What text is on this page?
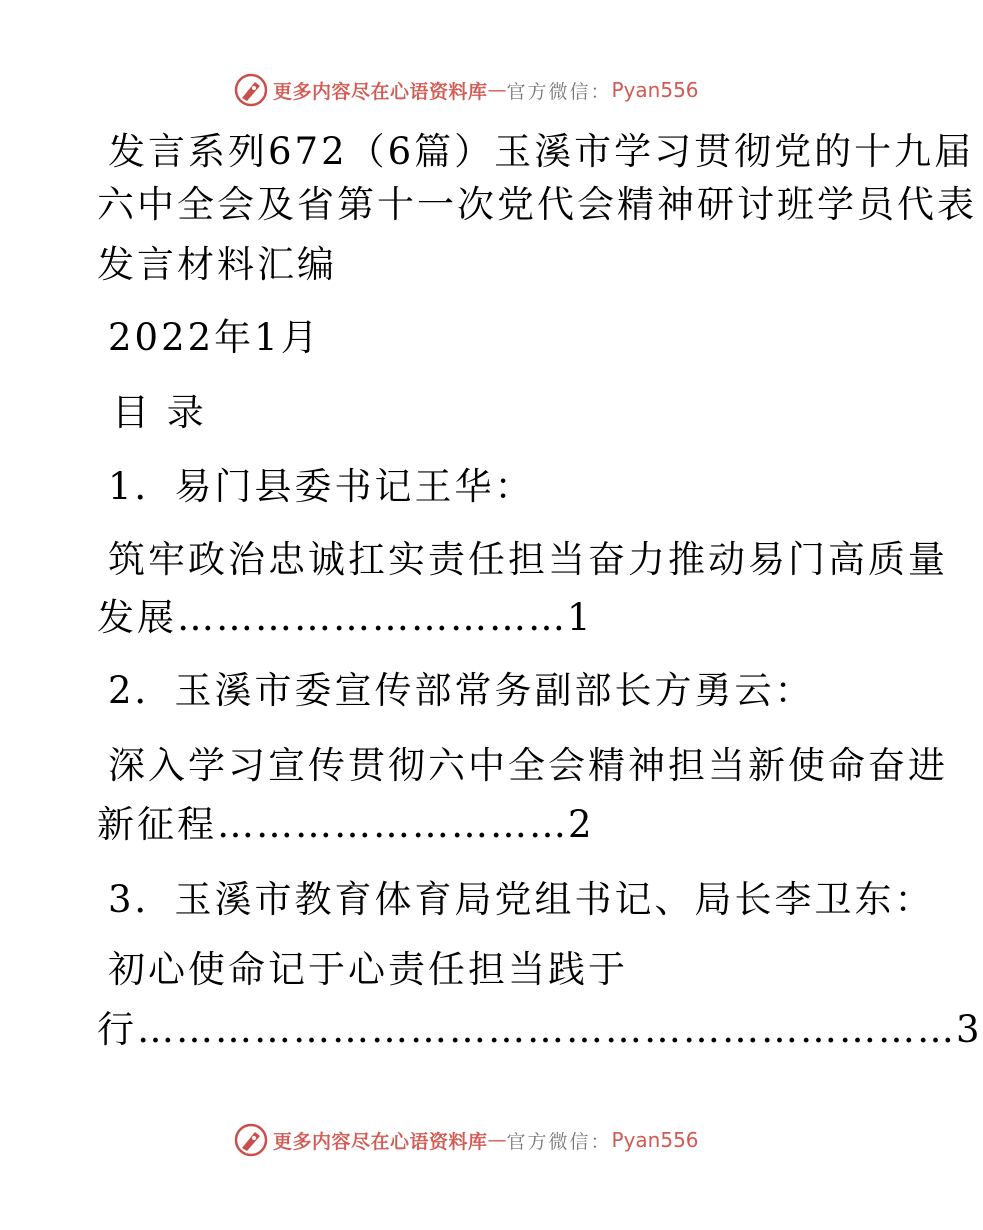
更多内容尽在心语资料库 — 官方微信： Pyan556
发言系列672（6篇）玉溪市学习贯彻党的十九届
六中全会及省第十一次党代会精神研讨班学员代表
发言材料汇编
2022年1月
目 录
1．易门县委书记王华：
筑牢政治忠诚扛实责任担当奋力推动易门高质量
发展…………………………1
2．玉溪市委宣传部常务副部长方勇云：
深入学习宣传贯彻六中全会精神担当新使命奋进
新征程………………………2
3．玉溪市教育体育局党组书记、局长李卫东：
初心使命记于心责任担当践于
行………………………………………………………3
更多内容尽在心语资料库 — 官方微信： Pyan556
